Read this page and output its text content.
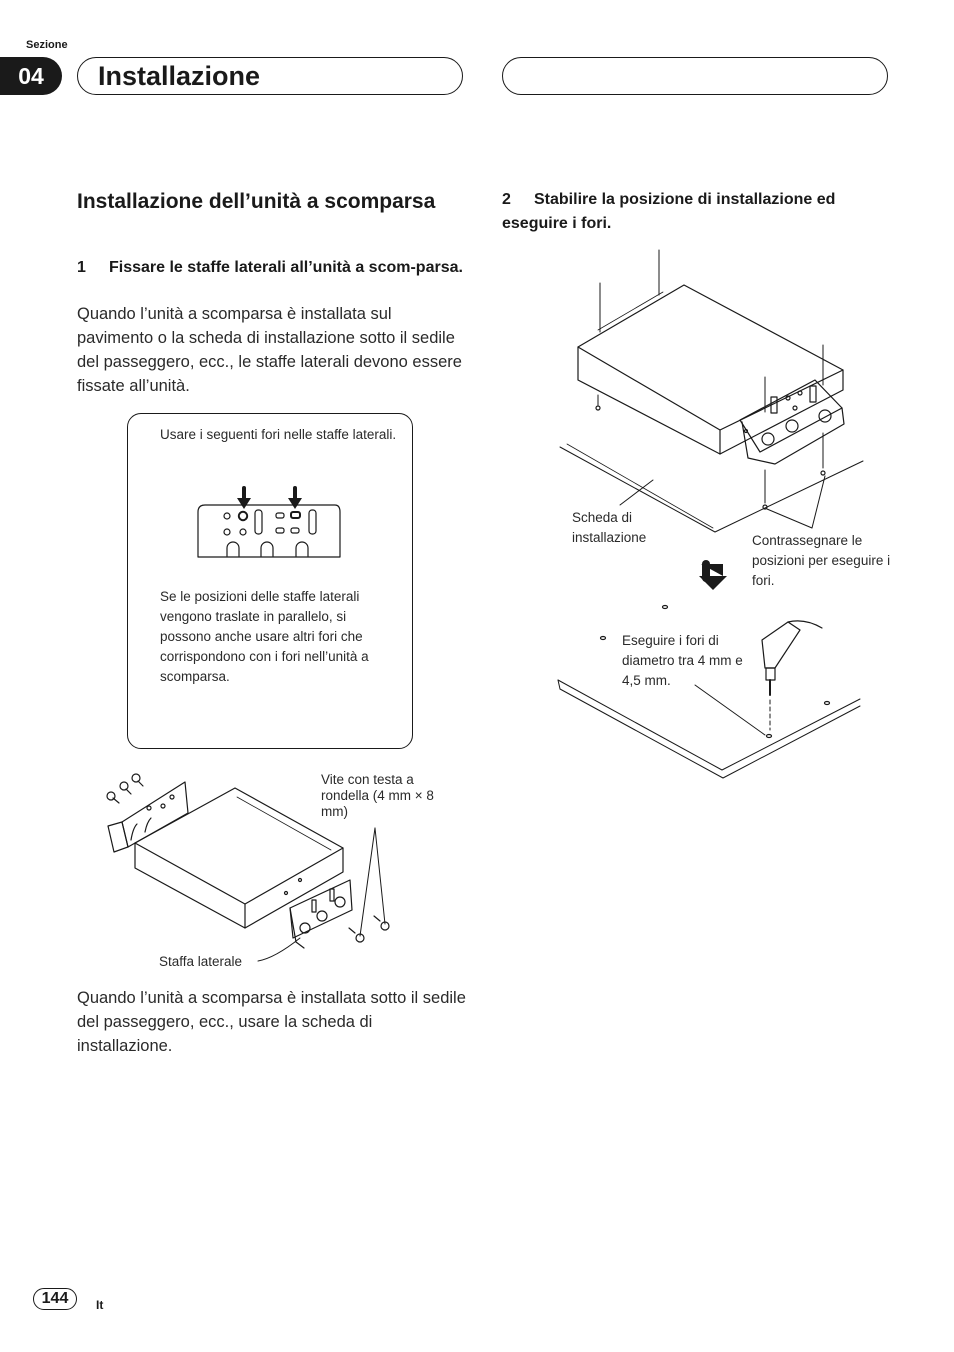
Sezione
04	Installazione
Installazione dell’unità a scomparsa
1 Fissare le staffe laterali all’unità a scom-parsa.
Quando l’unità a scomparsa è installata sul pavimento o la scheda di installazione sotto il sedile del passeggero, ecc., le staffe laterali devono essere fissate all’unità.
Usare i seguenti fori nelle staffe laterali.
Se le posizioni delle staffe laterali vengono traslate in parallelo, si possono anche usare altri fori che corrispondono con i fori nell’unità a scomparsa.
Vite con testa a rondella (4 mm × 8 mm)
Staffa laterale
Quando l’unità a scomparsa è installata sotto il sedile del passeggero, ecc., usare la scheda di installazione.
2 Stabilire la posizione di installazione ed eseguire i fori.
Scheda di installazione	Contrassegnare le posizioni per eseguire i fori.
Eseguire i fori di diametro tra 4 mm e 4,5 mm.
144	It
